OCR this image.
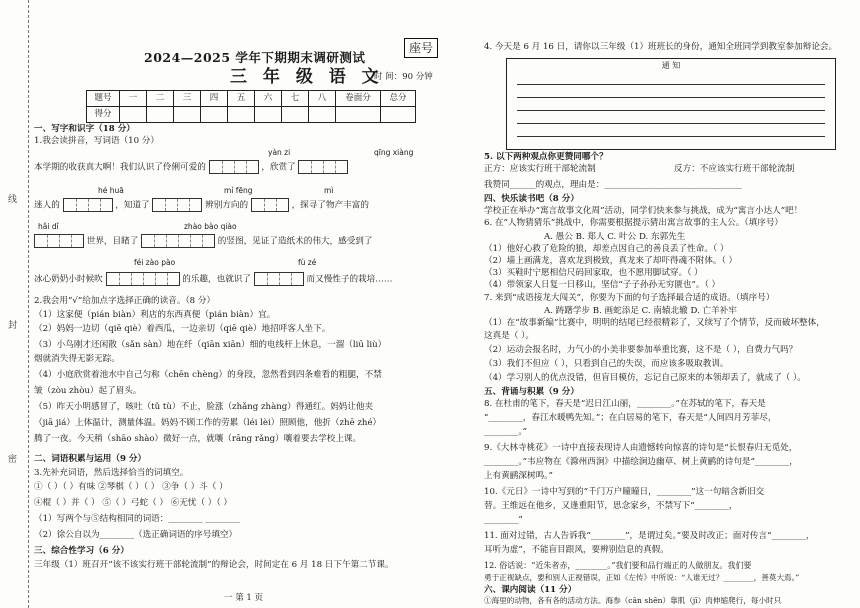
线
封
密
2024—2025 学年下期期末调研测试
座号
三 年 级 语 文
时 间：90 分钟
题号	一	二	三	四	五	六	七	八	卷面分	总分
得分										
一、写字和识字（18 分）
1.我会读拼音，写词语（10 分）
yàn zi	qīng xiàng
本学期的收获真大啊！我们认识了伶俐可爱的	，欣赏了
hé huā	mí fēng	mì
迷人的	，知道了	辨别方向的	，探寻了物产丰富的
hǎi dǐ	zhào bào qiào
世界，目睹了	的竖图，见证了造纸术的伟大，感受到了
féi zào pào	fù zé
冰心奶奶小时候吹	的乐趣，也就识了	而又慢性子的栽培……
2.我会用“√”给加点字选择正确的读音。（8 分）
（1）这家便（pián biàn）利店的东西真便（pián biàn）宜。
（2）妈妈一边切（qiē qiè）着西瓜，一边亲切（qiē qiè）地招呼客人坐下。
（3）小鸟刚才还闲散（sǎn sàn）地在纤（qiān xiān）细的电线杆上休息，一溜（liū liù）
烟就消失得无影无踪。
（4）小庭欣赏着池水中自己匀称（chēn chèng）的身段，忽然看到四条难看的粗腿，不禁
皱（zòu zhòu）起了眉头。
（5）昨天小明感冒了，咳吐（tǔ tù）不止，脸涨（zhǎng zhàng）得通红。妈妈让他夹
（jiā jiá）上体温计，测量体温。妈妈不顾工作的劳累（léi lèi）照顾他，他折（zhē zhé）
腾了一夜。今天稍（shāo shào）微好一点，就嚷（rāng rǎng）嚷着要去学校上课。
二、词语积累与运用（9 分）
3.先补充词语，然后选择恰当的词填空。
①（ ）（ ）有味 ②琴棋（ ）（ ） ③争（ ）斗（ ）
④棍（ ）并（ ） ⑤（ ）弓蛇（ ） ⑥无忧（ ）（ ）
（1）写两个与⑤结构相同的词语：________ ________
（2）徐公自以为________（选正确词语的序号填空）
三、综合性学习（6 分）
三年级（1）班召开“该不该实行班干部轮流制”的辩论会，时间定在 6 月 18 日下午第二节课。
一 第 1 页
4. 今天是 6 月 16 日，请你以三年级（1）班班长的身份，通知全班同学到教室参加辩论会。
通 知
5. 以下两种观点你更赞同哪个？
正方：应该实行班干部轮流制	反方：不应该实行班干部轮流制
我赞同______的观点，理由是：________________________________
四、快乐读书吧（8 分）
学校正在举办“寓言故事文化周”活动，同学们快来参与挑战，成为“寓言小达人”吧！
6. 在“人物猜猜乐”挑战中，你需要根据提示猜出寓言故事的主人公。（填序号）
A. 愚公 B. 郑人 C. 叶公 D. 东郭先生
（1）他好心救了危险的狼，却差点因自己的善良丢了性命。（ ）
（2）墙上画满龙，喜欢龙到极致，真龙来了却吓得魂不附体。（ ）
（3）买鞋时宁愿相信尺码回家取，也不愿用脚试穿。（ ）
（4）带领家人日复一日移山，坚信“子子孙孙无穷匮也”。（ ）
7. 来到“成语接龙大闯关”，你要为下面的句子选择最合适的成语。（填序号）
A. 踌躇学步 B. 画蛇添足 C. 南辕北辙 D. 亡羊补牢
（1）在“故事新编”比赛中，明明的结尾已经很精彩了，又续写了个情节，反而破坏整体，
这真是（ ）。
（2）运动会报名时，力气小的小美非要参加举重比赛，这不是（ ），自费力气吗？
（3）我们不但应（ ），只看到自己的失误，而应该多吸取教训。
（4）学习别人的优点没错，但盲目模仿，忘记自己原来的本领却丢了，就成了（ ）。
五、背诵与积累（9 分）
8. 在杜甫的笔下，春天是“迟日江山丽，________。”在苏轼的笔下，春天是
“________，春江水暖鸭先知。”；在白居易的笔下，春天是“人间四月芳菲尽，
________。”
9.《大林寺桃花》一诗中直接表现诗人由遗憾转向惊喜的诗句是“长恨春归无觅处，
________。”韦应物在《滁州西涧》中描绘涧边幽草、树上黄鹂的诗句是“________，
上有黄鹂深树鸣。”
10.《元日》一诗中写到的“千门万户曈曈日，________”这一句暗含新旧交
替。王维远在他乡，又逢重阳节，思念家乡，不禁写下“________，
________”
11. 面对过错，古人告诉我“________”，是谓过矣。”要及时改正；面对传言“________，
耳听为虚”，不能盲目跟风，要辨别信息的真假。
12. 俗话说：“近朱者赤，________。”我们要和品行端正的人做朋友。我们要
勇于正视缺点，要和别人正视错误，正如《左传》中所说：“人谁无过？________，善莫大焉。”
六、课内阅读（11 分）
①海里的动物，各有各的活动方法。海参（cān shēn）靠肌（jī）肉伸缩爬行，每小时只
